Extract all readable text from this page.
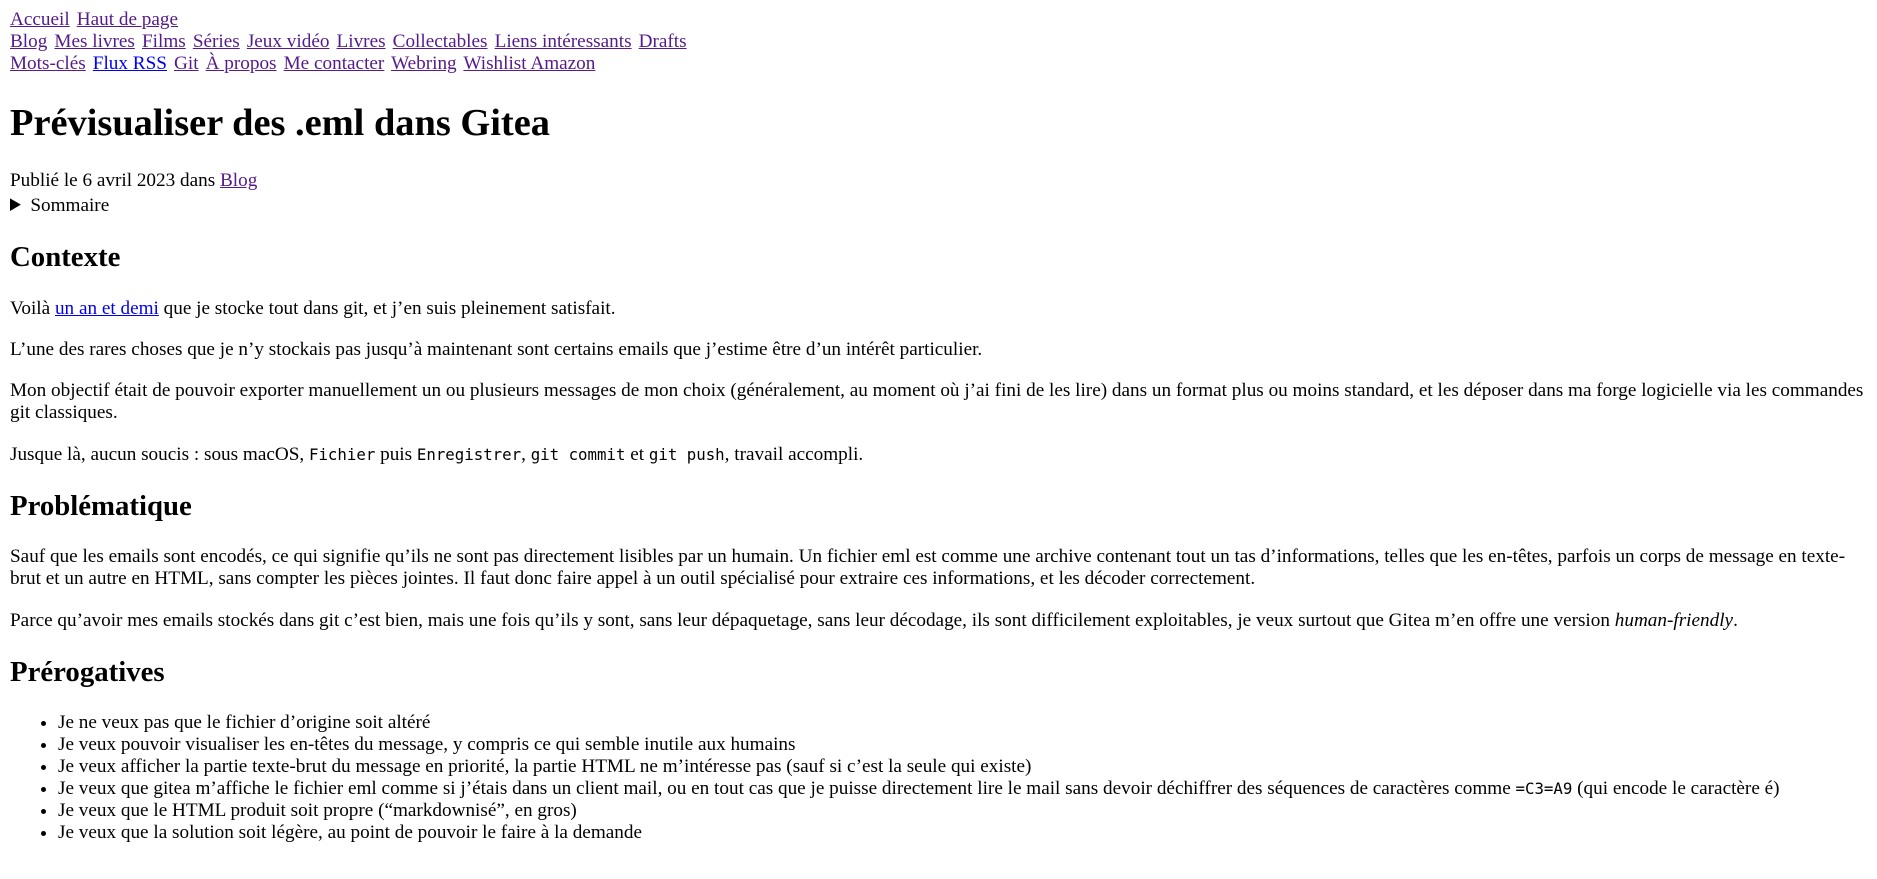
Accueil Haut de page
Blog Mes livres Films Séries Jeux vidéo Livres Collectables Liens intéressants Drafts
Mots-clés Flux RSS Git À propos Me contacter Webring Wishlist Amazon
Prévisualiser des .eml dans Gitea

Publié le 6 avril 2023 dans Blog

Sommaire
Contexte

Voilà un an et demi que je stocke tout dans git, et j’en suis pleinement satisfait.

L’une des rares choses que je n’y stockais pas jusqu’à maintenant sont certains emails que j’estime être d’un intérêt particulier.

Mon objectif était de pouvoir exporter manuellement un ou plusieurs messages de mon choix (généralement, au moment où j’ai fini de les lire) dans un format plus ou moins standard, et les déposer dans ma forge logicielle via les commandes git classiques.

Jusque là, aucun soucis : sous macOS, Fichier puis Enregistrer, git commit et git push, travail accompli.

Problématique

Sauf que les emails sont encodés, ce qui signifie qu’ils ne sont pas directement lisibles par un humain. Un fichier eml est comme une archive contenant tout un tas d’informations, telles que les en-têtes, parfois un corps de message en texte-brut et un autre en HTML, sans compter les pièces jointes. Il faut donc faire appel à un outil spécialisé pour extraire ces informations, et les décoder correctement.

Parce qu’avoir mes emails stockés dans git c’est bien, mais une fois qu’ils y sont, sans leur dépaquetage, sans leur décodage, ils sont difficilement exploitables, je veux surtout que Gitea m’en offre une version human-friendly.

Prérogatives
• Je ne veux pas que le fichier d’origine soit altéré
• Je veux pouvoir visualiser les en-têtes du message, y compris ce qui semble inutile aux humains
• Je veux afficher la partie texte-brut du message en priorité, la partie HTML ne m’intéresse pas (sauf si c’est la seule qui existe)
• Je veux que gitea m’affiche le fichier eml comme si j’étais dans un client mail, ou en tout cas que je puisse directement lire le mail sans devoir déchiffrer des séquences de caractères comme =C3=A9 (qui encode le caractère é)
• Je veux que le HTML produit soit propre (“markdownisé”, en gros)
• Je veux que la solution soit légère, au point de pouvoir le faire à la demande
